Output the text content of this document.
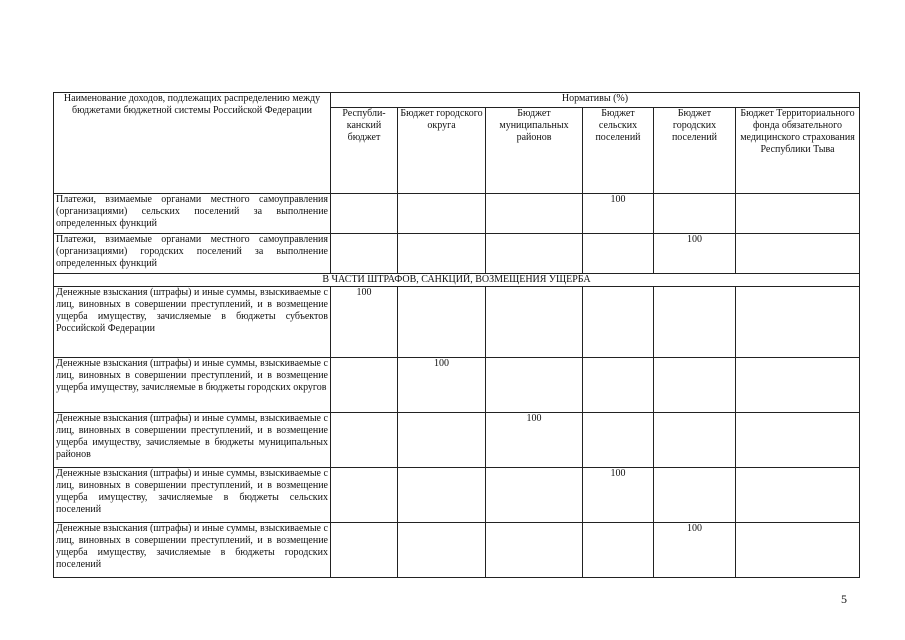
Наименование доходов, подлежащих распределению между бюджетами бюджетной системы Российской Федерации	Нормативы (%)					
	Республи-канский бюджет	Бюджет городского округа	Бюджет муниципальных районов	Бюджет сельских поселений	Бюджет городских поселений	Бюджет Территориального фонда обязательного медицинского страхования Республики Тыва
Платежи, взимаемые органами местного самоуправления (организациями) сельских поселений за выполнение определенных функций				100		
Платежи, взимаемые органами местного самоуправления (организациями) городских поселений за выполнение определенных функций					100	
В ЧАСТИ ШТРАФОВ, САНКЦИЙ, ВОЗМЕЩЕНИЯ УЩЕРБА						
Денежные взыскания (штрафы) и иные суммы, взыскиваемые с лиц, виновных в совершении преступлений, и в возмещение ущерба имуществу, зачисляемые в бюджеты субъектов Российской Федерации	100					
Денежные взыскания (штрафы) и иные суммы, взыскиваемые с лиц, виновных в совершении преступлений, и в возмещение ущерба имуществу, зачисляемые в бюджеты городских округов		100				
Денежные взыскания (штрафы) и иные суммы, взыскиваемые с лиц, виновных в совершении преступлений, и в возмещение ущерба имуществу, зачисляемые в бюджеты муниципальных районов			100			
Денежные взыскания (штрафы) и иные суммы, взыскиваемые с лиц, виновных в совершении преступлений, и в возмещение ущерба имуществу, зачисляемые в бюджеты сельских поселений				100		
Денежные взыскания (штрафы) и иные суммы, взыскиваемые с лиц, виновных в совершении преступлений, и в возмещение ущерба имуществу, зачисляемые в бюджеты городских поселений					100	
5
